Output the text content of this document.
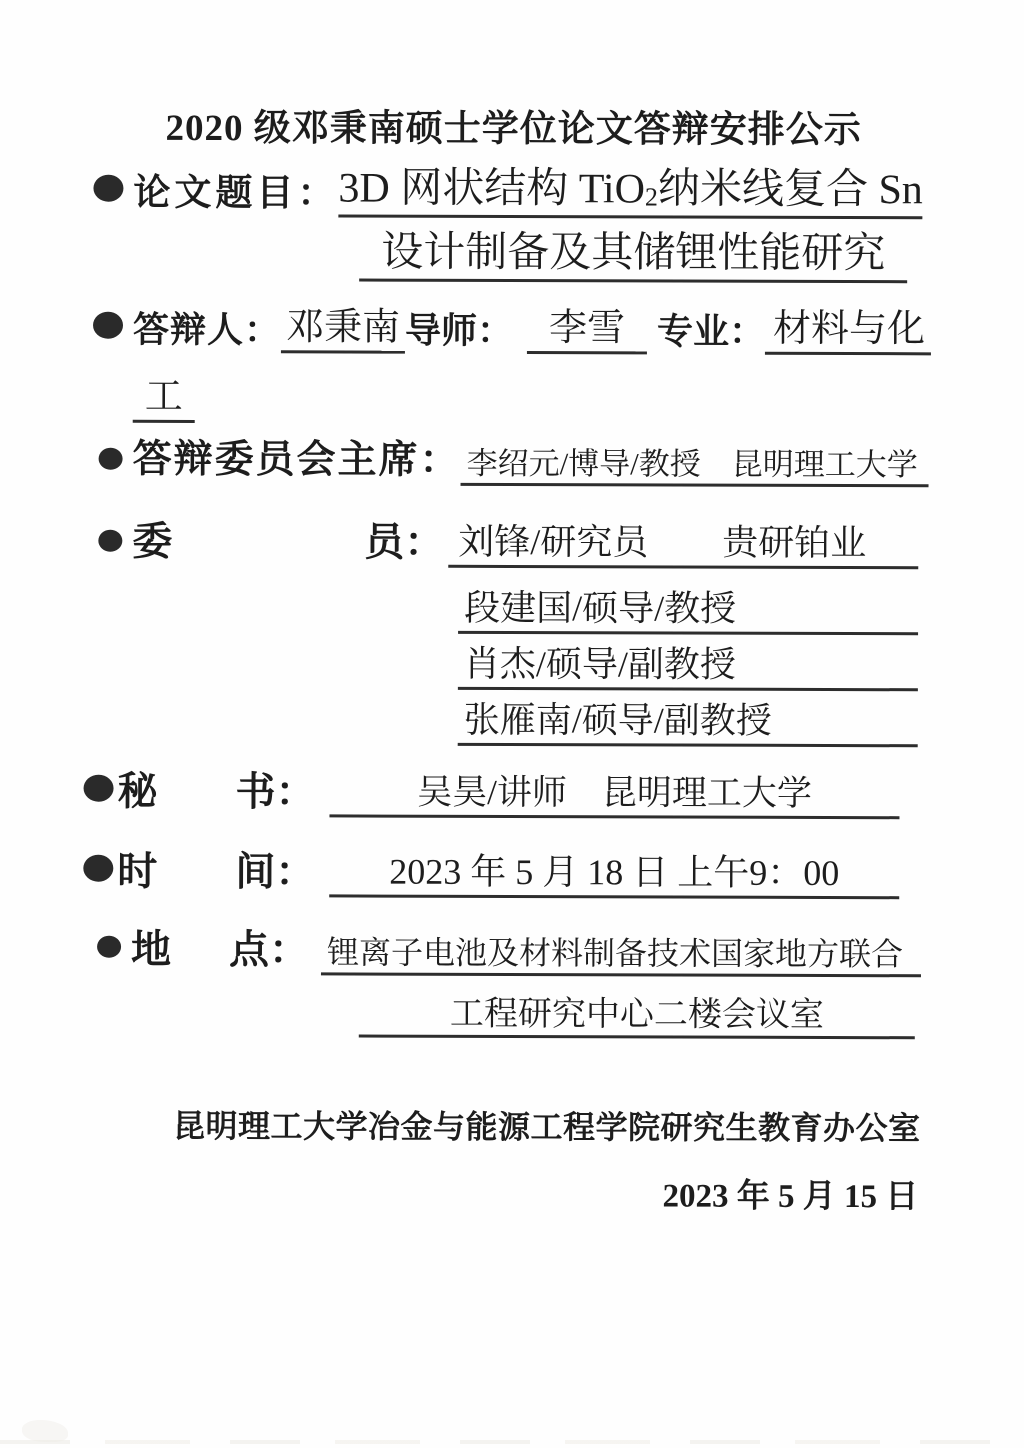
2020 级邓秉南硕士学位论文答辩安排公示
论文题目： 3D 网状结构 TiO2纳米线复合 Sn
设计制备及其储锂性能研究
答辩人： 邓秉南 导师： 李雪 专业： 材料与化
工
答辩委员会主席： 李绍元/博导/教授　昆明理工大学
委	员： 刘锋/研究员 贵研铂业
段建国/硕导/教授
肖杰/硕导/副教授
张雁南/硕导/副教授
秘 书：	吴昊/讲师　昆明理工大学
时 间：	2023 年 5 月 18 日 上午9：00
地 点： 锂离子电池及材料制备技术国家地方联合
工程研究中心二楼会议室
昆明理工大学冶金与能源工程学院研究生教育办公室
2023 年 5 月 15 日
